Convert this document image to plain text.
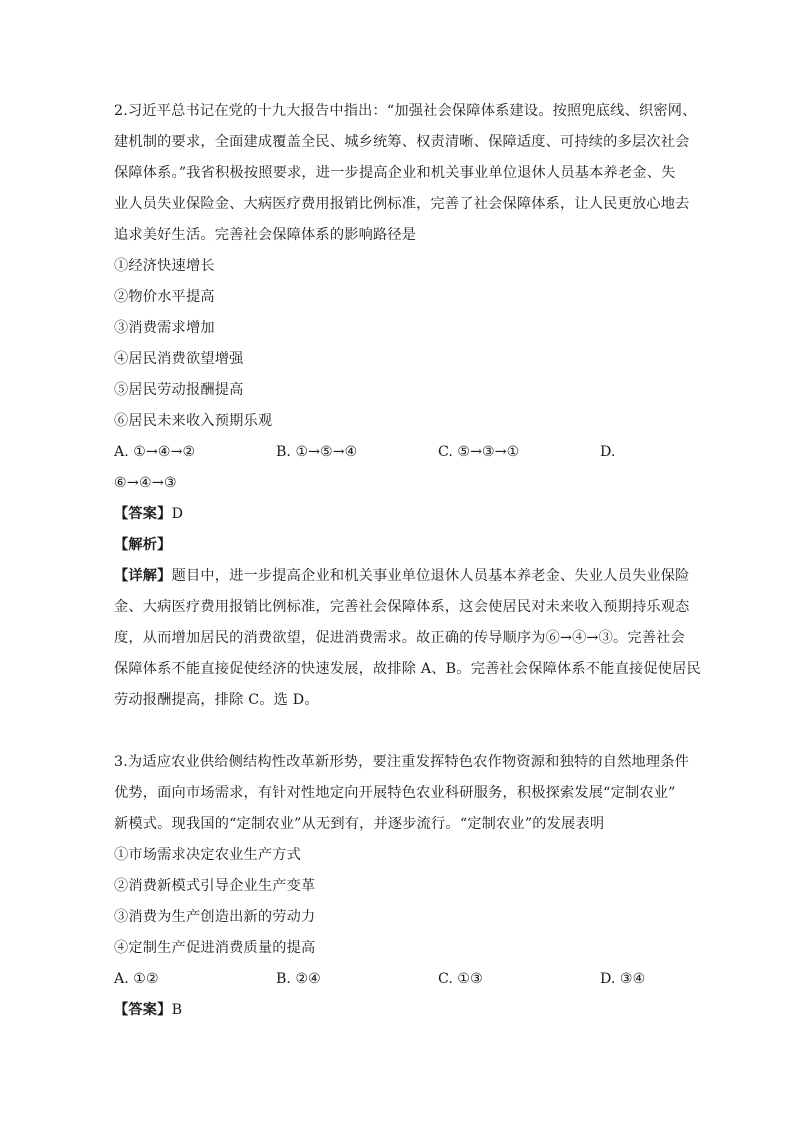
2.习近平总书记在党的十九大报告中指出：“加强社会保障体系建设。按照兜底线、织密网、
建机制的要求，全面建成覆盖全民、城乡统筹、权责清晰、保障适度、可持续的多层次社会
保障体系。”我省积极按照要求，进一步提高企业和机关事业单位退休人员基本养老金、失
业人员失业保险金、大病医疗费用报销比例标准，完善了社会保障体系，让人民更放心地去
追求美好生活。完善社会保障体系的影响路径是
①经济快速增长
②物价水平提高
③消费需求增加
④居民消费欲望增强
⑤居民劳动报酬提高
⑥居民未来收入预期乐观
A. ①→④→②	B. ①→⑤→④	C. ⑤→③→①	D.
⑥→④→③
【答案】D
【解析】
【详解】题目中，进一步提高企业和机关事业单位退休人员基本养老金、失业人员失业保险
金、大病医疗费用报销比例标准，完善社会保障体系，这会使居民对未来收入预期持乐观态
度，从而增加居民的消费欲望，促进消费需求。故正确的传导顺序为⑥→④→③。完善社会
保障体系不能直接促使经济的快速发展，故排除 A、B。完善社会保障体系不能直接促使居民
劳动报酬提高，排除 C。选 D。
3.为适应农业供给侧结构性改革新形势，要注重发挥特色农作物资源和独特的自然地理条件
优势，面向市场需求，有针对性地定向开展特色农业科研服务，积极探索发展“定制农业”
新模式。现我国的“定制农业”从无到有，并逐步流行。“定制农业”的发展表明
①市场需求决定农业生产方式
②消费新模式引导企业生产变革
③消费为生产创造出新的劳动力
④定制生产促进消费质量的提高
A. ①②	B. ②④	C. ①③	D. ③④
【答案】B
